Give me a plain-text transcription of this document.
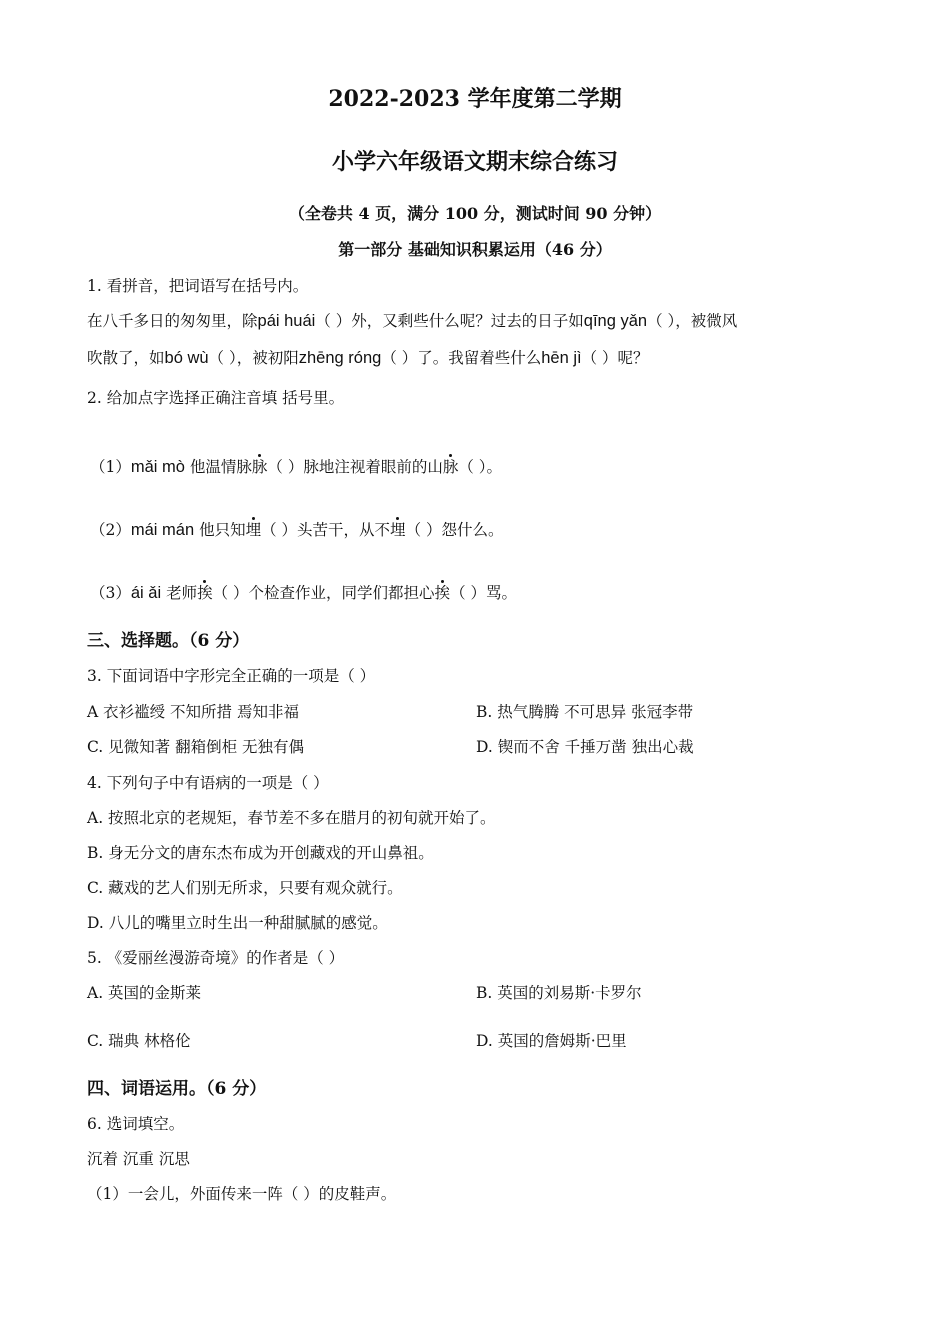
2022-2023 学年度第二学期
小学六年级语文期末综合练习
（全卷共 4 页，满分 100 分，测试时间 90 分钟）
第一部分 基础知识积累运用（46 分）
1. 看拼音，把词语写在括号内。
在八千多日的匆匆里，除pái huái（ ）外，又剩些什么呢？过去的日子如qīng yǎn（ ），被微风
吹散了，如bó wù（ ），被初阳zhēng róng（ ）了。我留着些什么hēn jì（ ）呢？
2. 给加点字选择正确注音填 括号里。
（1）mǎi mò 他温情脉脉（ ）脉地注视着眼前的山脉（ ）。
（2）mái mán 他只知埋（ ）头苦干，从不埋（ ）怨什么。
（3）ái ǎi 老师挨（ ）个检查作业，同学们都担心挨（ ）骂。
三、选择题。（6 分）
3. 下面词语中字形完全正确的一项是（ ）
A 衣衫褴绶 不知所措 焉知非福	B. 热气腾腾 不可思异 张冠李带
C. 见微知著 翻箱倒柜 无独有偶	D. 锲而不舍 千捶万凿 独出心裁
4. 下列句子中有语病的一项是（ ）
A. 按照北京的老规矩，春节差不多在腊月的初旬就开始了。
B. 身无分文的唐东杰布成为开创藏戏的开山鼻祖。
C. 藏戏的艺人们别无所求，只要有观众就行。
D. 八儿的嘴里立时生出一种甜腻腻的感觉。
5. 《爱丽丝漫游奇境》的作者是（ ）
A. 英国的金斯莱	B. 英国的刘易斯·卡罗尔
C. 瑞典 林格伦	D. 英国的詹姆斯·巴里
四、词语运用。（6 分）
6. 选词填空。
沉着 沉重 沉思
（1）一会儿，外面传来一阵（ ）的皮鞋声。
